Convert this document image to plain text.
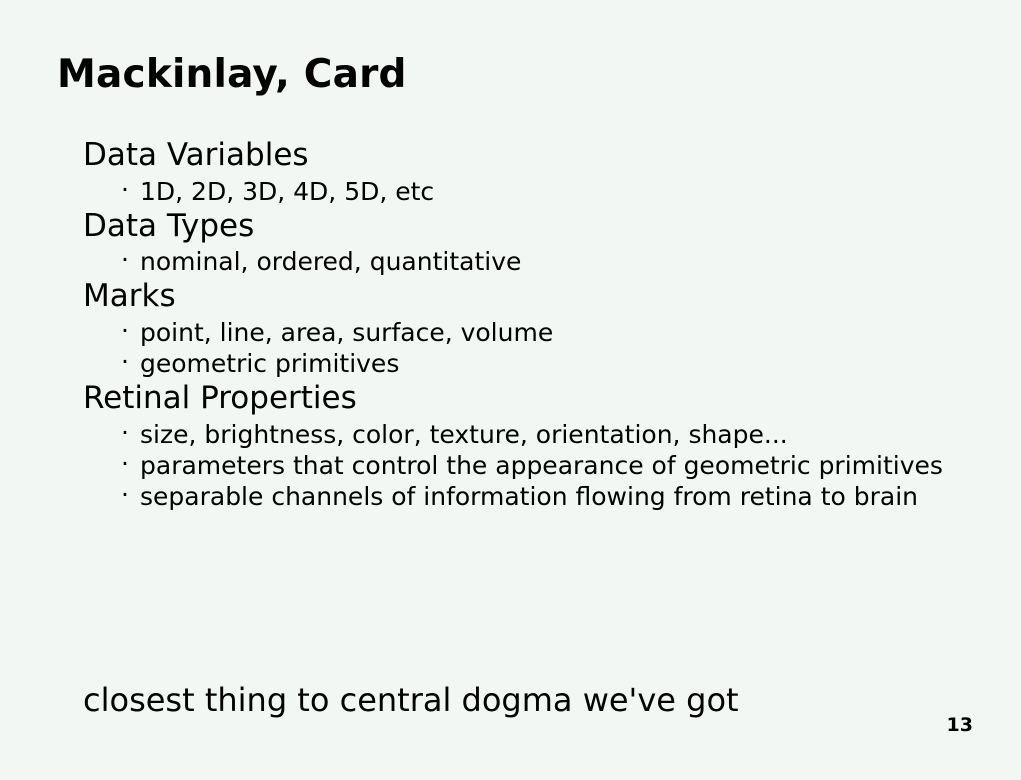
Mackinlay, Card
Data Variables
· 1D, 2D, 3D, 4D, 5D, etc
Data Types
· nominal, ordered, quantitative
Marks
· point, line, area, surface, volume
· geometric primitives
Retinal Properties
· size, brightness, color, texture, orientation, shape...
· parameters that control the appearance of geometric primitives
· separable channels of information flowing from retina to brain
closest thing to central dogma we've got
13
